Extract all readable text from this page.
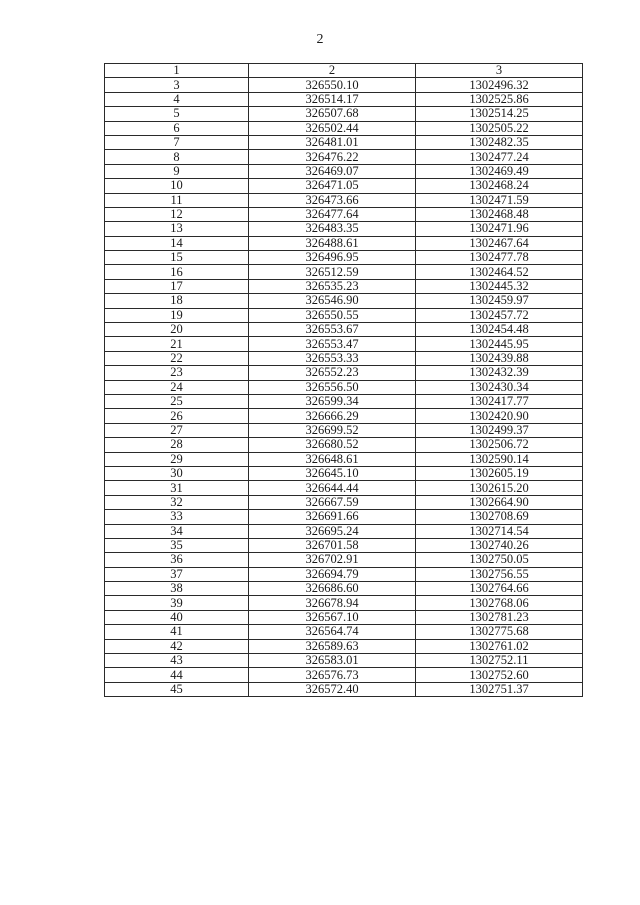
2
1	2	3
3	326550.10	1302496.32
4	326514.17	1302525.86
5	326507.68	1302514.25
6	326502.44	1302505.22
7	326481.01	1302482.35
8	326476.22	1302477.24
9	326469.07	1302469.49
10	326471.05	1302468.24
11	326473.66	1302471.59
12	326477.64	1302468.48
13	326483.35	1302471.96
14	326488.61	1302467.64
15	326496.95	1302477.78
16	326512.59	1302464.52
17	326535.23	1302445.32
18	326546.90	1302459.97
19	326550.55	1302457.72
20	326553.67	1302454.48
21	326553.47	1302445.95
22	326553.33	1302439.88
23	326552.23	1302432.39
24	326556.50	1302430.34
25	326599.34	1302417.77
26	326666.29	1302420.90
27	326699.52	1302499.37
28	326680.52	1302506.72
29	326648.61	1302590.14
30	326645.10	1302605.19
31	326644.44	1302615.20
32	326667.59	1302664.90
33	326691.66	1302708.69
34	326695.24	1302714.54
35	326701.58	1302740.26
36	326702.91	1302750.05
37	326694.79	1302756.55
38	326686.60	1302764.66
39	326678.94	1302768.06
40	326567.10	1302781.23
41	326564.74	1302775.68
42	326589.63	1302761.02
43	326583.01	1302752.11
44	326576.73	1302752.60
45	326572.40	1302751.37
